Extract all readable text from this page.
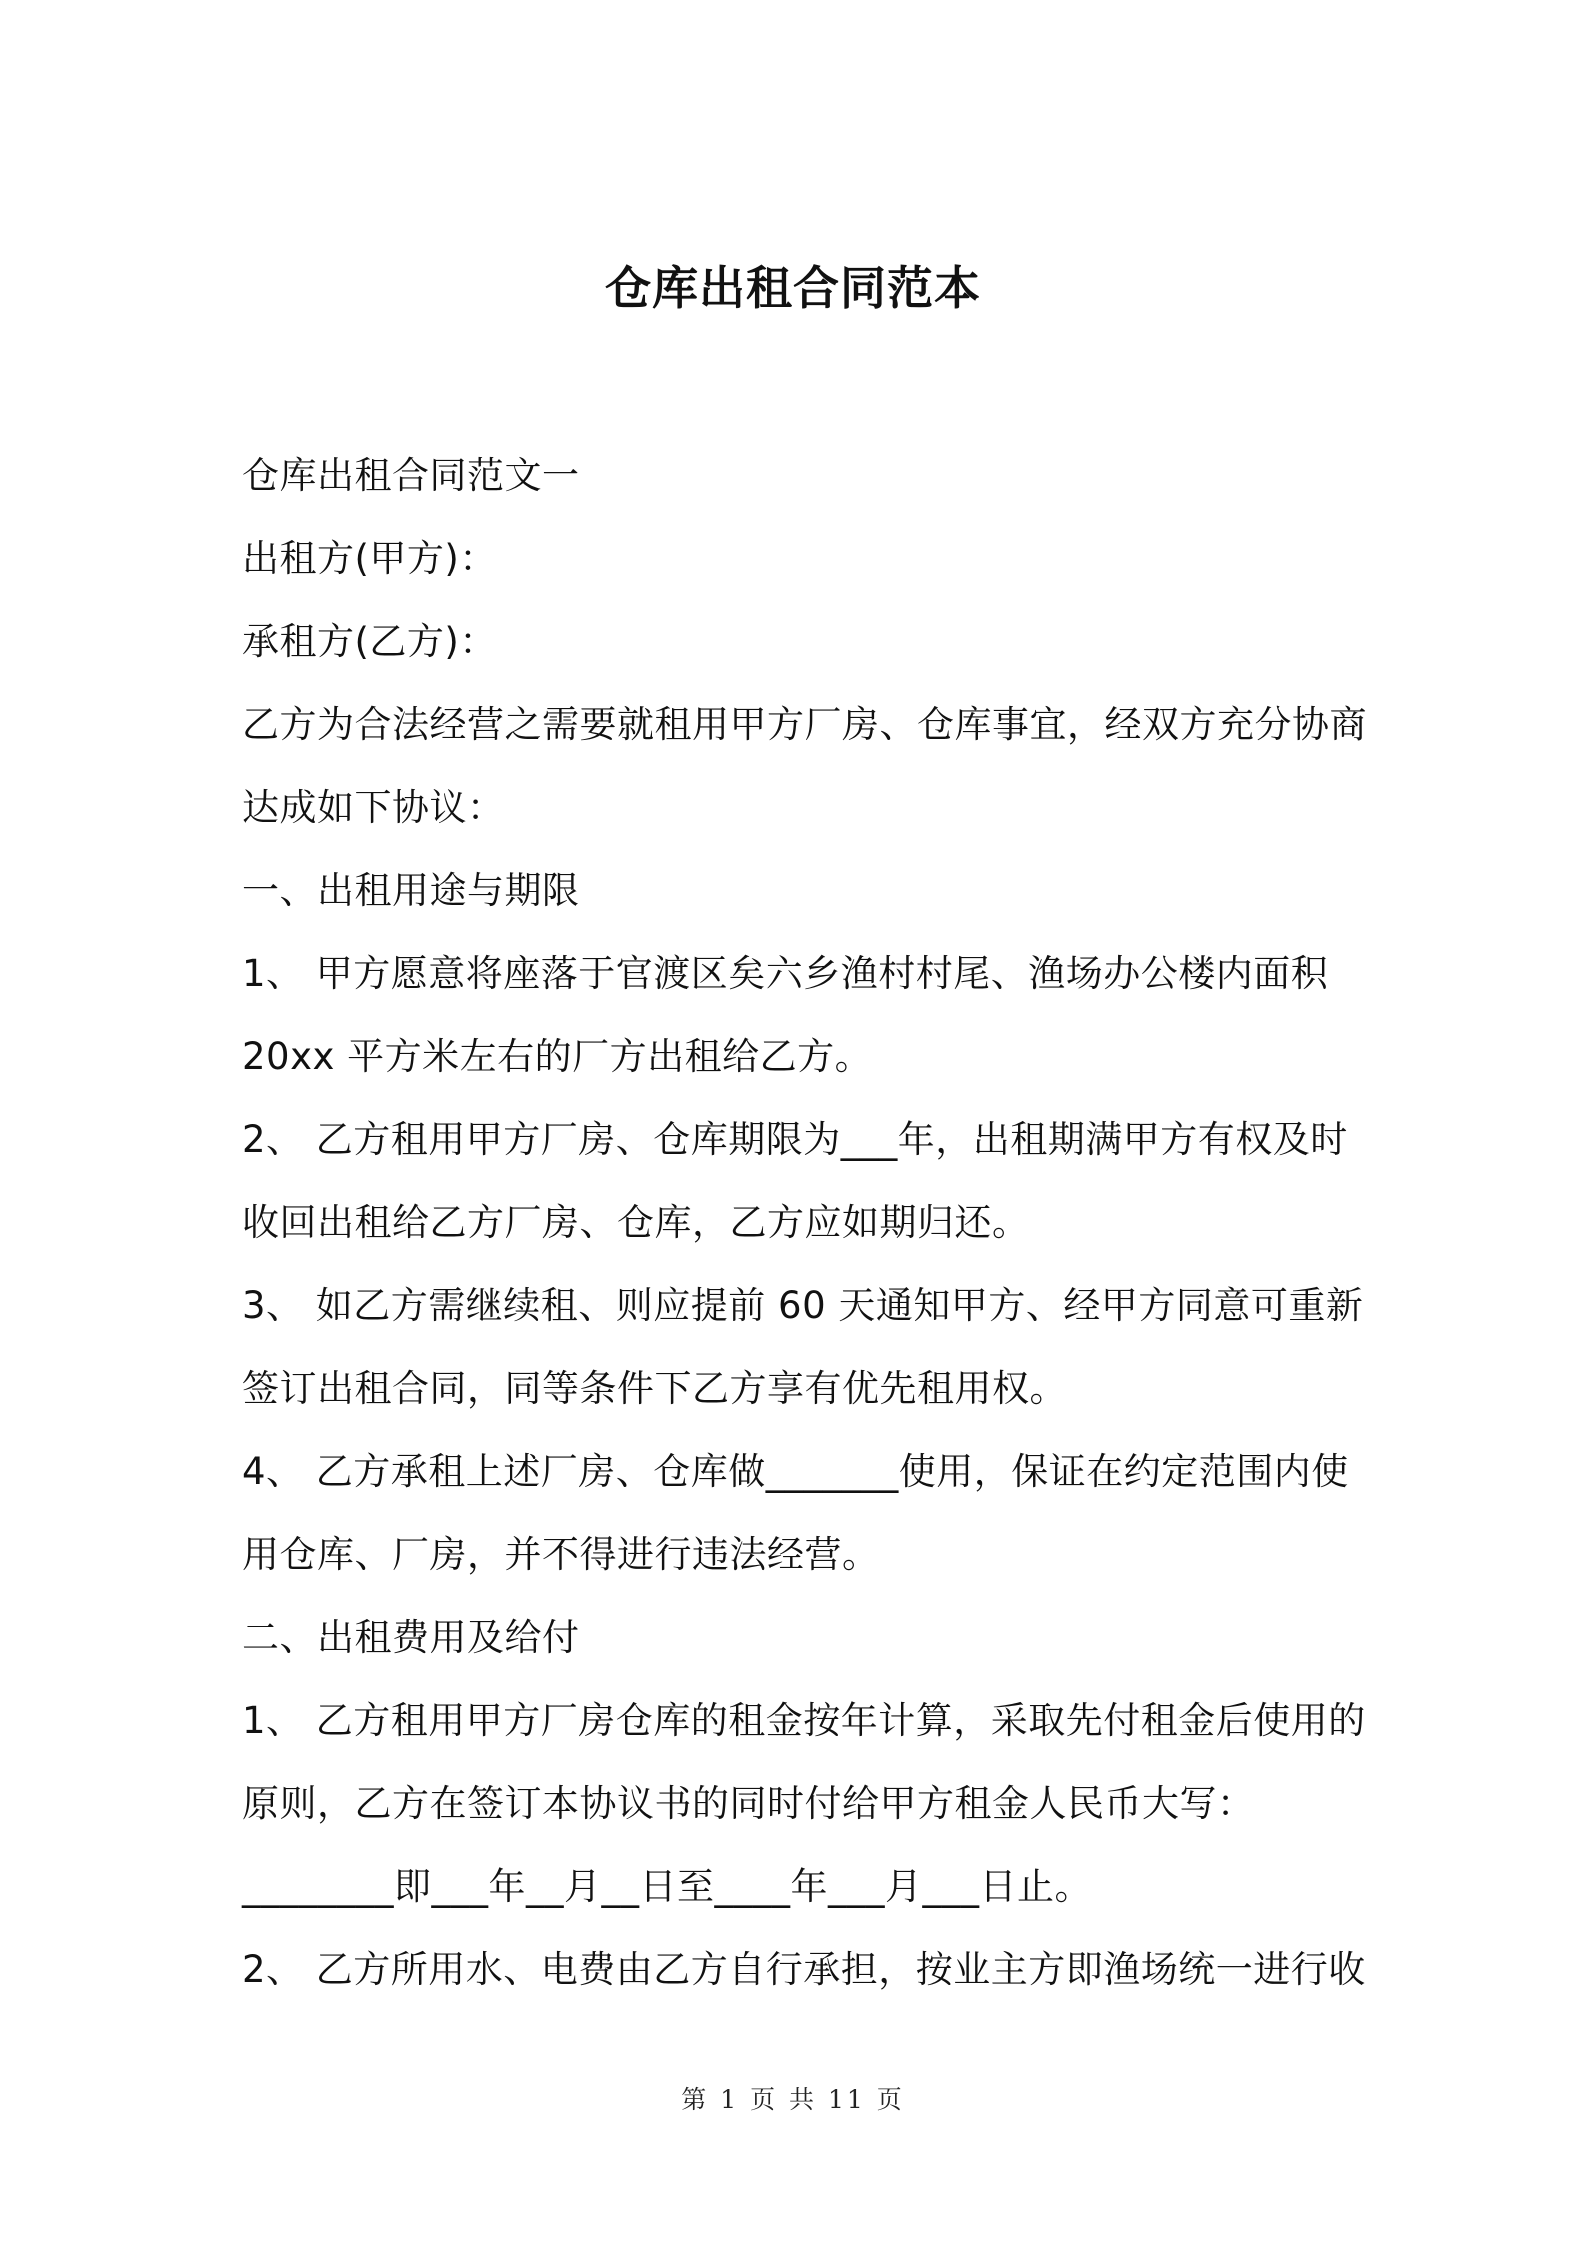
仓库出租合同范本
仓库出租合同范文一
出租方(甲方)：
承租方(乙方)：
乙方为合法经营之需要就租用甲方厂房、仓库事宜，经双方充分协商
达成如下协议：
一、出租用途与期限
1、 甲方愿意将座落于官渡区矣六乡渔村村尾、渔场办公楼内面积
20xx 平方米左右的厂方出租给乙方。
2、 乙方租用甲方厂房、仓库期限为___年，出租期满甲方有权及时
收回出租给乙方厂房、仓库，乙方应如期归还。
3、 如乙方需继续租、则应提前 60 天通知甲方、经甲方同意可重新
签订出租合同，同等条件下乙方享有优先租用权。
4、 乙方承租上述厂房、仓库做_______使用，保证在约定范围内使
用仓库、厂房，并不得进行违法经营。
二、出租费用及给付
1、 乙方租用甲方厂房仓库的租金按年计算，采取先付租金后使用的
原则，乙方在签订本协议书的同时付给甲方租金人民币大写：
________即___年__月__日至____年___月___日止。
2、 乙方所用水、电费由乙方自行承担，按业主方即渔场统一进行收
第 1 页 共 11 页
